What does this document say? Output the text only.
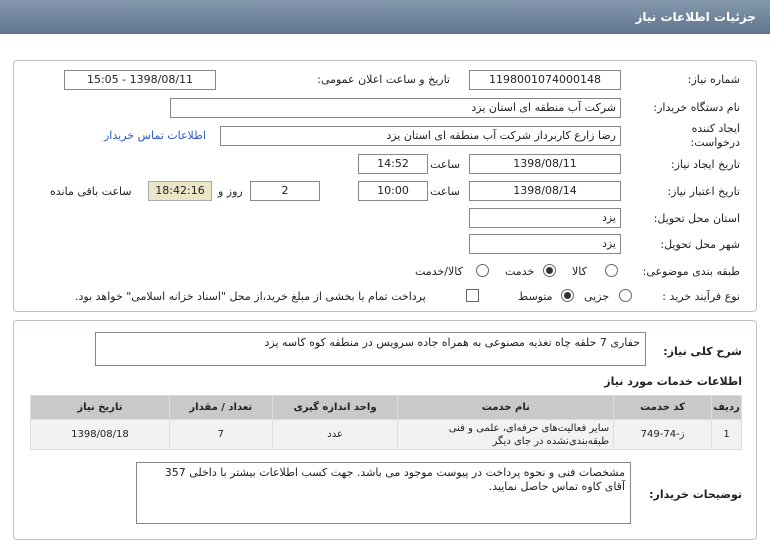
جزئیات اطلاعات نیاز
شماره نیاز:
1198001074000148
تاریخ و ساعت اعلان عمومی:
1398/08/11 - 15:05
نام دستگاه خریدار:
شرکت آب منطقه ای استان یزد
ایجاد کننده
درخواست:
رضا زارع کاربرداز شرکت آب منطقه ای استان یزد
اطلاعات تماس خریدار
تاریخ ایجاد نیاز:
1398/08/11
ساعت
14:52
تاریخ اعتبار نیاز:
1398/08/14
ساعت
10:00
2
روز و
18:42:16
ساعت باقی مانده
استان محل تحویل:
یزد
شهر محل تحویل:
یزد
طبقه بندی موضوعی:
کالا
خدمت
کالا/خدمت
نوع فرآیند خرید :
جزیی
متوسط
پرداخت تمام یا بخشی از مبلغ خرید،از محل "اسناد خزانه اسلامی" خواهد بود.
شرح کلی نیاز:
حفاری 7 حلقه چاه تغذیه مصنوعی به همراه جاده سرویس در منطقه کوه کاسه یزد
اطلاعات خدمات مورد نیاز
ردیف	کد خدمت	نام خدمت	واحد اندازه گیری	تعداد / مقدار	تاریخ نیاز
1	ز-74-749	سایر فعالیت‌های حرفه‌ای، علمی و فنی طبقه‌بندی‌نشده در جای دیگر	عدد	7	1398/08/18
توضیحات خریدار:
مشخصات فنی و نحوه پرداخت در پیوست موجود می باشد. جهت کسب اطلاعات بیشتر با داخلی 357 آقای کاوه تماس حاصل نمایید.
